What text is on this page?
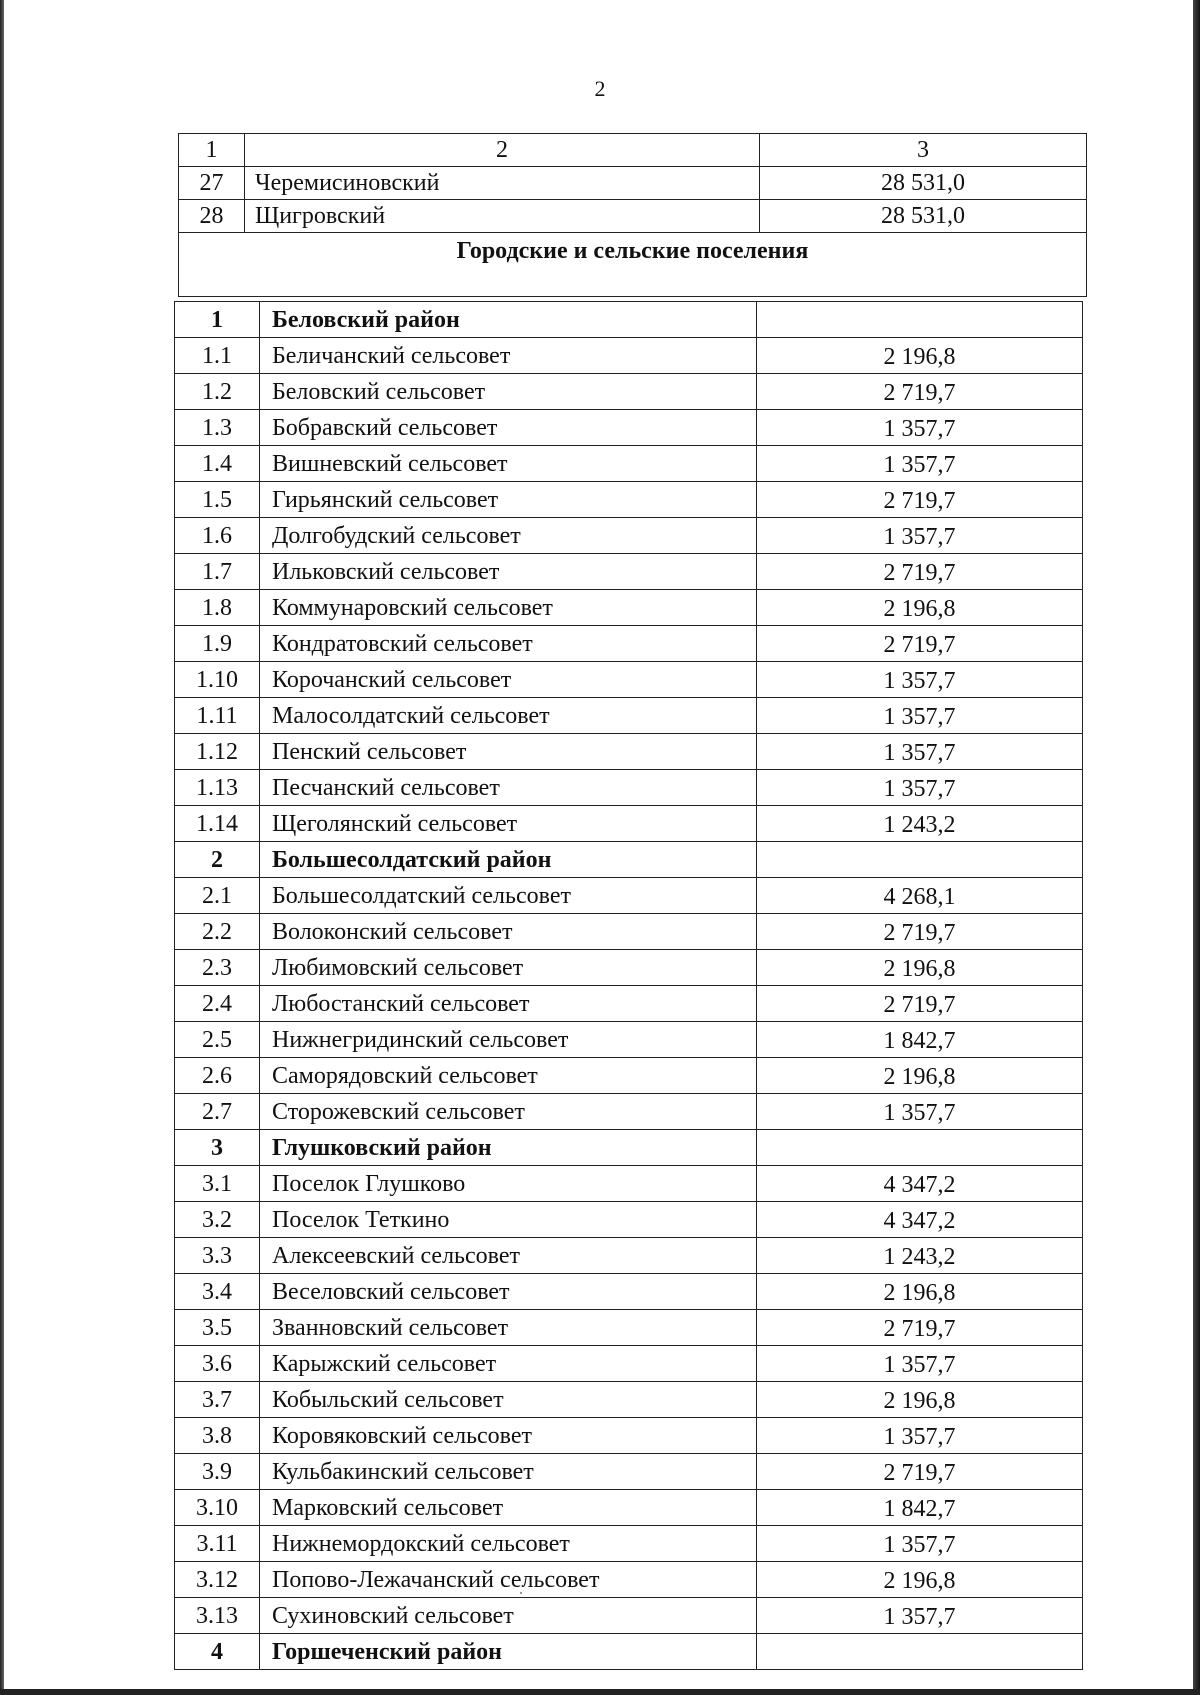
2
1	2	3
27	Черемисиновский	28 531,0
28	Щигровский	28 531,0
Городские и сельские поселения		
1	Беловский район	
1.1	Беличанский сельсовет	2 196,8
1.2	Беловский сельсовет	2 719,7
1.3	Бобравский сельсовет	1 357,7
1.4	Вишневский сельсовет	1 357,7
1.5	Гирьянский сельсовет	2 719,7
1.6	Долгобудский сельсовет	1 357,7
1.7	Ильковский сельсовет	2 719,7
1.8	Коммунаровский сельсовет	2 196,8
1.9	Кондратовский сельсовет	2 719,7
1.10	Корочанский сельсовет	1 357,7
1.11	Малосолдатский сельсовет	1 357,7
1.12	Пенский сельсовет	1 357,7
1.13	Песчанский сельсовет	1 357,7
1.14	Щеголянский сельсовет	1 243,2
2	Большесолдатский район	
2.1	Большесолдатский сельсовет	4 268,1
2.2	Волоконский сельсовет	2 719,7
2.3	Любимовский сельсовет	2 196,8
2.4	Любостанский сельсовет	2 719,7
2.5	Нижнегридинский сельсовет	1 842,7
2.6	Саморядовский сельсовет	2 196,8
2.7	Сторожевский сельсовет	1 357,7
3	Глушковский район	
3.1	Поселок Глушково	4 347,2
3.2	Поселок Теткино	4 347,2
3.3	Алексеевский сельсовет	1 243,2
3.4	Веселовский сельсовет	2 196,8
3.5	Званновский сельсовет	2 719,7
3.6	Карыжский сельсовет	1 357,7
3.7	Кобыльский сельсовет	2 196,8
3.8	Коровяковский сельсовет	1 357,7
3.9	Кульбакинский сельсовет	2 719,7
3.10	Марковский сельсовет	1 842,7
3.11	Нижнемордокский сельсовет	1 357,7
3.12	Попово-Лежачанский сельсовет	2 196,8
3.13	Сухиновский сельсовет	1 357,7
4	Горшеченский район	
